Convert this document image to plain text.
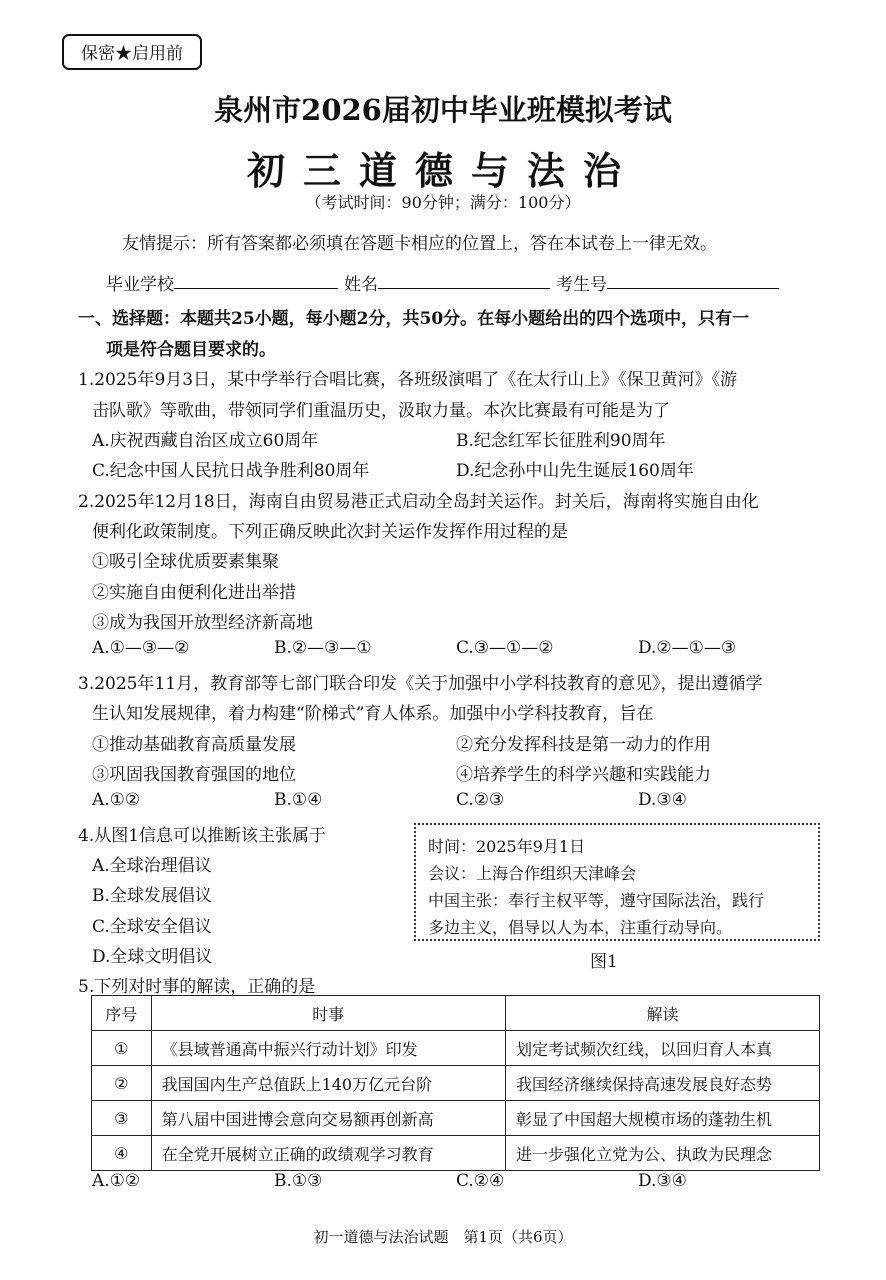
保密★启用前
泉州市2026届初中毕业班模拟考试
初三道德与法治
（考试时间：90分钟；满分：100分）
友情提示：所有答案都必须填在答题卡相应的位置上，答在本试卷上一律无效。
毕业学校	姓名	考生号
一、选择题：本题共25小题，每小题2分，共50分。在每小题给出的四个选项中，只有一
项是符合题目要求的。
1.2025年9月3日，某中学举行合唱比赛，各班级演唱了《在太行山上》《保卫黄河》《游
击队歌》等歌曲，带领同学们重温历史，汲取力量。本次比赛最有可能是为了
A.庆祝西藏自治区成立60周年	B.纪念红军长征胜利90周年
C.纪念中国人民抗日战争胜利80周年	D.纪念孙中山先生诞辰160周年
2.2025年12月18日，海南自由贸易港正式启动全岛封关运作。封关后，海南将实施自由化
便利化政策制度。下列正确反映此次封关运作发挥作用过程的是
①吸引全球优质要素集聚
②实施自由便利化进出举措
③成为我国开放型经济新高地
A.①—③—②	B.②—③—①	C.③—①—②	D.②—①—③
3.2025年11月，教育部等七部门联合印发《关于加强中小学科技教育的意见》，提出遵循学
生认知发展规律，着力构建“阶梯式”育人体系。加强中小学科技教育，旨在
①推动基础教育高质量发展	②充分发挥科技是第一动力的作用
③巩固我国教育强国的地位	④培养学生的科学兴趣和实践能力
A.①②	B.①④	C.②③	D.③④
4.从图1信息可以推断该主张属于
A.全球治理倡议
B.全球发展倡议
C.全球安全倡议
D.全球文明倡议
时间：2025年9月1日
会议：上海合作组织天津峰会
中国主张：奉行主权平等，遵守国际法治，践行
多边主义，倡导以人为本，注重行动导向。
图1
5.下列对时事的解读，正确的是
序号	时事	解读
①	《县域普通高中振兴行动计划》印发	划定考试频次红线，以回归育人本真
②	我国国内生产总值跃上140万亿元台阶	我国经济继续保持高速发展良好态势
③	第八届中国进博会意向交易额再创新高	彰显了中国超大规模市场的蓬勃生机
④	在全党开展树立正确的政绩观学习教育	进一步强化立党为公、执政为民理念
A.①②	B.①③	C.②④	D.③④
初一道德与法治试题　第1页（共6页）
